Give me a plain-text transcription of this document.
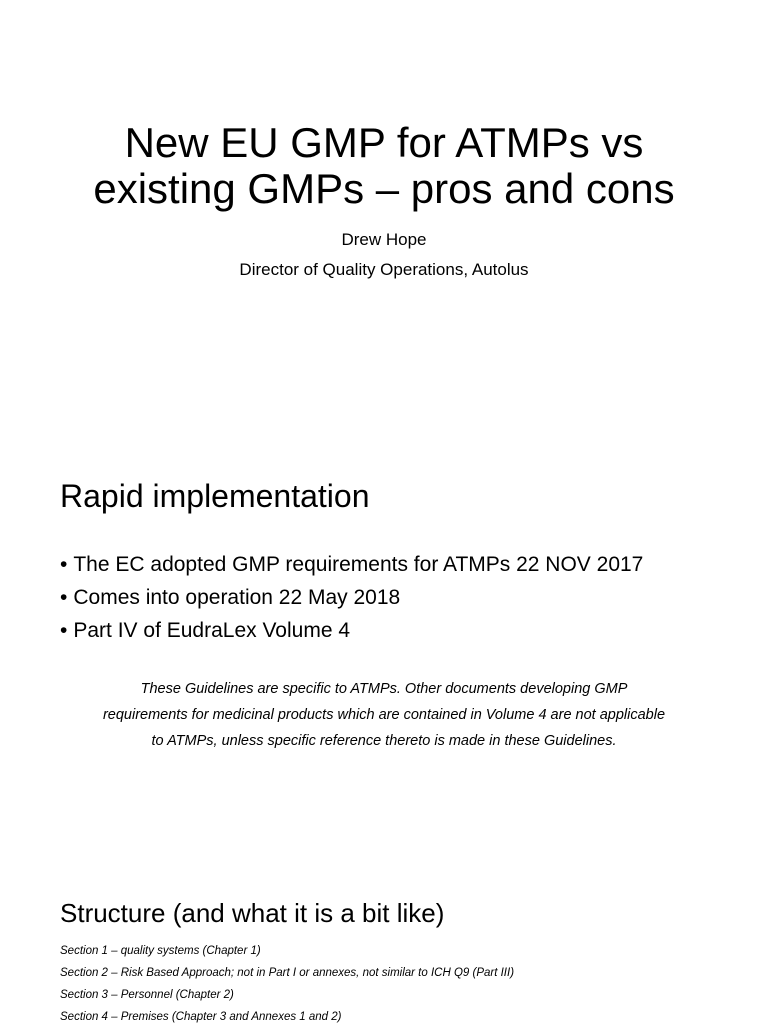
New EU GMP for ATMPs vs
existing GMPs – pros and cons

Drew Hope

Director of Quality Operations, Autolus

Rapid implementation
• The EC adopted GMP requirements for ATMPs 22 NOV 2017
• Comes into operation 22 May 2018
• Part IV of EudraLex Volume 4

These Guidelines are specific to ATMPs. Other documents developing GMP
requirements for medicinal products which are contained in Volume 4 are not applicable
to ATMPs, unless specific reference thereto is made in these Guidelines.

Structure (and what it is a bit like)
Section 1 – quality systems (Chapter 1)
Section 2 – Risk Based Approach; not in Part I or annexes, not similar to ICH Q9 (Part III)
Section 3 – Personnel (Chapter 2)
Section 4 – Premises (Chapter 3 and Annexes 1 and 2)
